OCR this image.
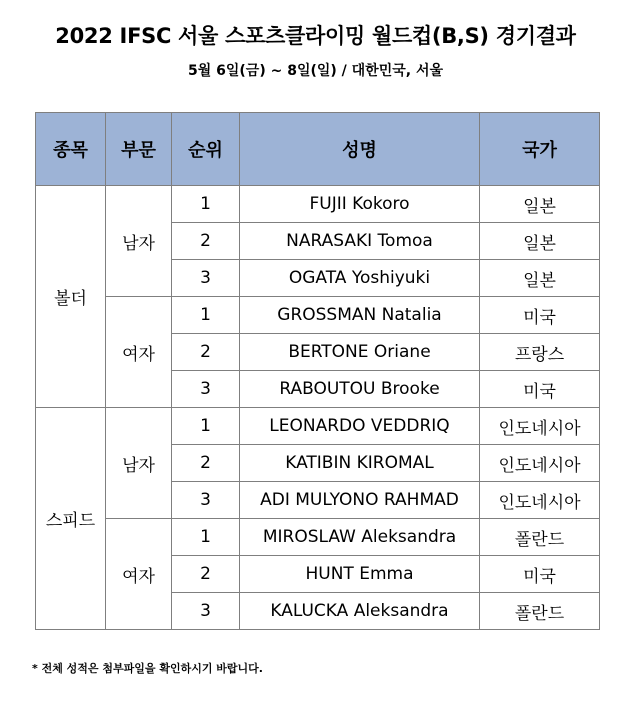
2022 IFSC 서울 스포츠클라이밍 월드컵(B,S) 경기결과
5월 6일(금) ~ 8일(일) / 대한민국, 서울
종목	부문	순위	성명	국가
볼더	남자	1	FUJII Kokoro	일본
		2	NARASAKI Tomoa	일본
		3	OGATA Yoshiyuki	일본
	여자	1	GROSSMAN Natalia	미국
		2	BERTONE Oriane	프랑스
		3	RABOUTOU Brooke	미국
스피드	남자	1	LEONARDO VEDDRIQ	인도네시아
		2	KATIBIN KIROMAL	인도네시아
		3	ADI MULYONO RAHMAD	인도네시아
	여자	1	MIROSLAW Aleksandra	폴란드
		2	HUNT Emma	미국
		3	KALUCKA Aleksandra	폴란드
* 전체 성적은 첨부파일을 확인하시기 바랍니다.
